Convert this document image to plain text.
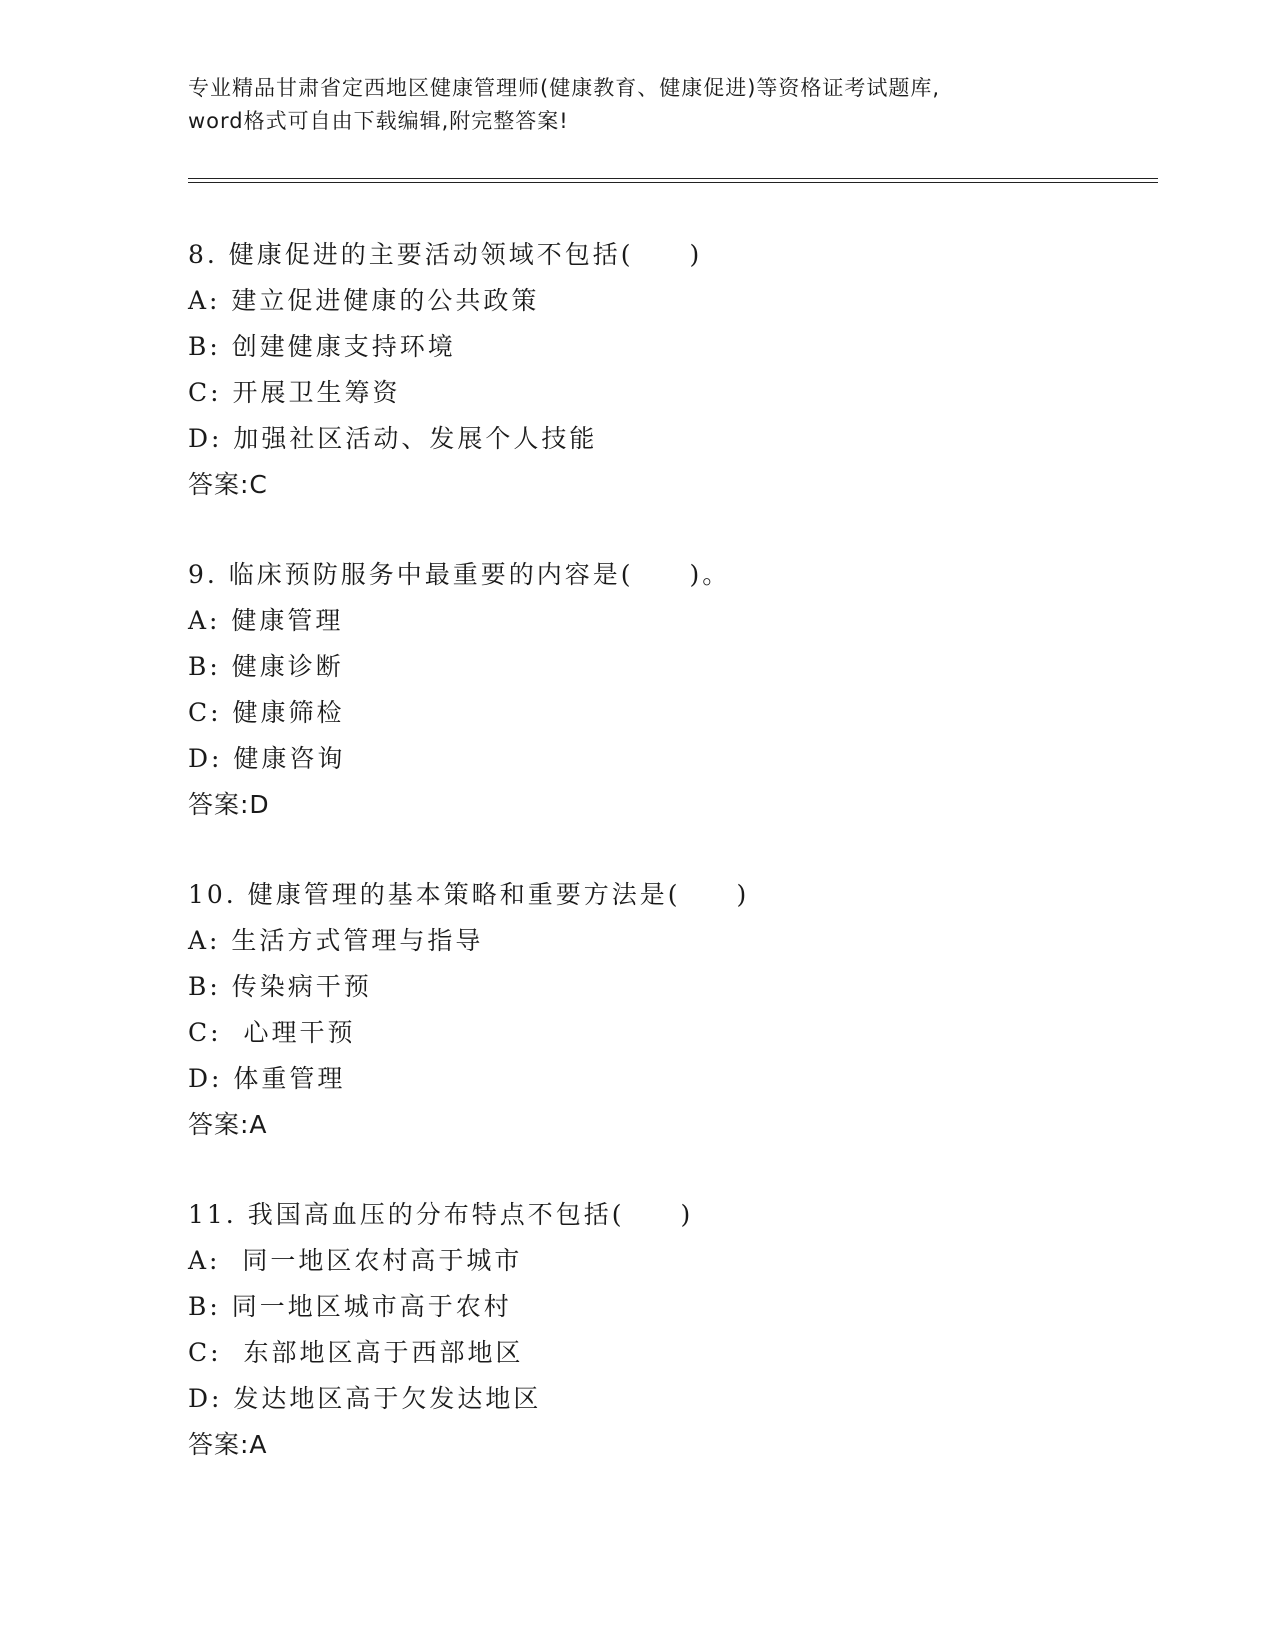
专业精品甘肃省定西地区健康管理师(健康教育、健康促进)等资格证考试题库,
word格式可自由下载编辑,附完整答案!
8. 健康促进的主要活动领域不包括(　　)
A: 建立促进健康的公共政策
B: 创建健康支持环境
C: 开展卫生筹资
D: 加强社区活动、发展个人技能
答案:C
9. 临床预防服务中最重要的内容是(　　)。
A: 健康管理
B: 健康诊断
C: 健康筛检
D: 健康咨询
答案:D
10. 健康管理的基本策略和重要方法是(　　)
A: 生活方式管理与指导
B: 传染病干预
C:  心理干预
D: 体重管理
答案:A
11. 我国高血压的分布特点不包括(　　)
A:  同一地区农村高于城市
B: 同一地区城市高于农村
C:  东部地区高于西部地区
D: 发达地区高于欠发达地区
答案:A
